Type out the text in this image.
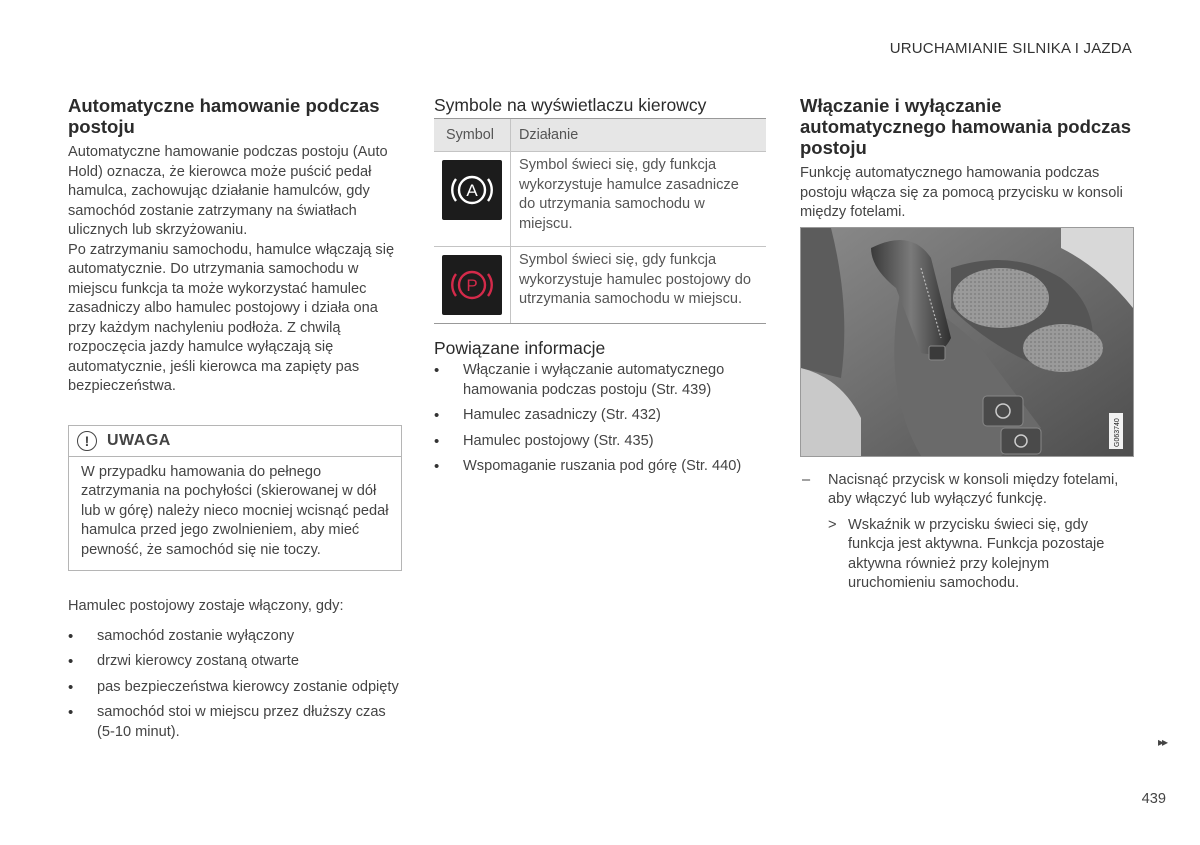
URUCHAMIANIE SILNIKA I JAZDA
Automatyczne hamowanie podczas postoju

Automatyczne hamowanie podczas postoju (Auto Hold) oznacza, że kierowca może puścić pedał hamulca, zachowując działanie hamulców, gdy samochód zostanie zatrzymany na światłach ulicznych lub skrzyżowaniu.

Po zatrzymaniu samochodu, hamulce włączają się automatycznie. Do utrzymania samochodu w miejscu funkcja ta może wykorzystać hamulec zasadniczy albo hamulec postojowy i działa ona przy każdym nachyleniu podłoża. Z chwilą rozpoczęcia jazdy hamulce wyłączają się automatycznie, jeśli kierowca ma zapięty pas bezpieczeństwa.

!	UWAGA
W przypadku hamowania do pełnego zatrzymania na pochyłości (skierowanej w dół lub w górę) należy nieco mocniej wcisnąć pedał hamulca przed jego zwolnieniem, aby mieć pewność, że samochód się nie toczy.

Hamulec postojowy zostaje włączony, gdy:

• samochód zostanie wyłączony
• drzwi kierowcy zostaną otwarte
• pas bezpieczeństwa kierowcy zostanie odpięty
• samochód stoi w miejscu przez dłuższy czas (5-10 minut).
Symbole na wyświetlaczu kierowcy
Symbol	Działanie

A	Symbol świeci się, gdy funkcja wykorzystuje hamulce zasadnicze do utrzymania samochodu w miejscu.

P	Symbol świeci się, gdy funkcja wykorzystuje hamulec postojowy do utrzymania samochodu w miejscu.
Powiązane informacje
• Włączanie i wyłączanie automatycznego hamowania podczas postoju (Str. 439)
• Hamulec zasadniczy (Str. 432)
• Hamulec postojowy (Str. 435)
• Wspomaganie ruszania pod górę (Str. 440)
Włączanie i wyłączanie automatycznego hamowania podczas postoju

Funkcję automatycznego hamowania podczas postoju włącza się za pomocą przycisku w konsoli między fotelami.

G063740
– Nacisnąć przycisk w konsoli między fotelami, aby włączyć lub wyłączyć funkcję.
> Wskaźnik w przycisku świeci się, gdy funkcja jest aktywna. Funkcja pozostaje aktywna również przy kolejnym uruchomieniu samochodu.
▸▸
439
